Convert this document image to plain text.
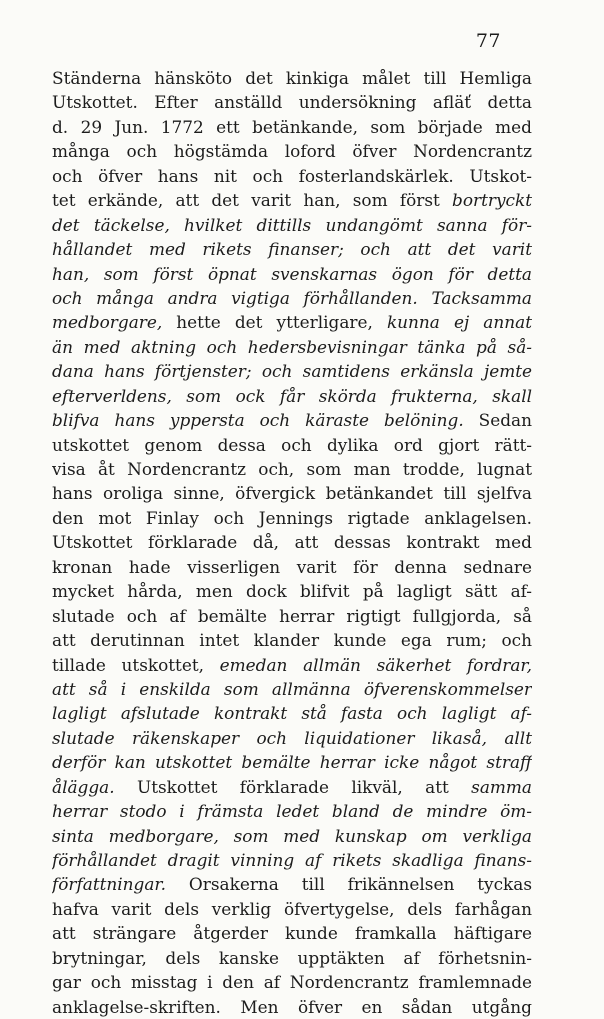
77
Ständerna hänsköto det kinkiga målet till Hemliga
Utskottet. Efter anställd undersökning afläť detta
d. 29 Jun. 1772 ett betänkande, som började med
många och högstämda loford öfver Nordencrantz
och öfver hans nit och fosterlandskärlek. Utskot-
tet erkände, att det varit han, som först bortryckt
det täckelse, hvilket dittills undangömt sanna för-
hållandet med rikets finanser; och att det varit
han, som först öpnat svenskarnas ögon för detta
och många andra vigtiga förhållanden. Tacksamma
medborgare, hette det ytterligare, kunna ej annat
än med aktning och hedersbevisningar tänka på så-
dana hans förtjenster; och samtidens erkänsla jemte
efterverldens, som ock får skörda frukterna, skall
blifva hans yppersta och käraste belöning. Sedan
utskottet genom dessa och dylika ord gjort rätt-
visa åt Nordencrantz och, som man trodde, lugnat
hans oroliga sinne, öfvergick betänkandet till sjelfva
den mot Finlay och Jennings rigtade anklagelsen.
Utskottet förklarade då, att dessas kontrakt med
kronan hade visserligen varit för denna sednare
mycket hårda, men dock blifvit på lagligt sätt af-
slutade och af bemälte herrar rigtigt fullgjorda, så
att derutinnan intet klander kunde ega rum; och
tillade utskottet, emedan allmän säkerhet fordrar,
att så i enskilda som allmänna öfverenskommelser
lagligt afslutade kontrakt stå fasta och lagligt af-
slutade räkenskaper och liquidationer likaså, allt
derför kan utskottet bemälte herrar icke något straff
ålägga. Utskottet förklarade likväl, att samma
herrar stodo i främsta ledet bland de mindre öm-
sinta medborgare, som med kunskap om verkliga
förhållandet dragit vinning af rikets skadliga finans-
författningar. Orsakerna till frikännelsen tyckas
hafva varit dels verklig öfvertygelse, dels farhågan
att strängare åtgerder kunde framkalla häftigare
brytningar, dels kanske upptäkten af förhetsnin-
gar och misstag i den af Nordencrantz framlemnade
anklagelse-skriften. Men öfver en sådan utgång
